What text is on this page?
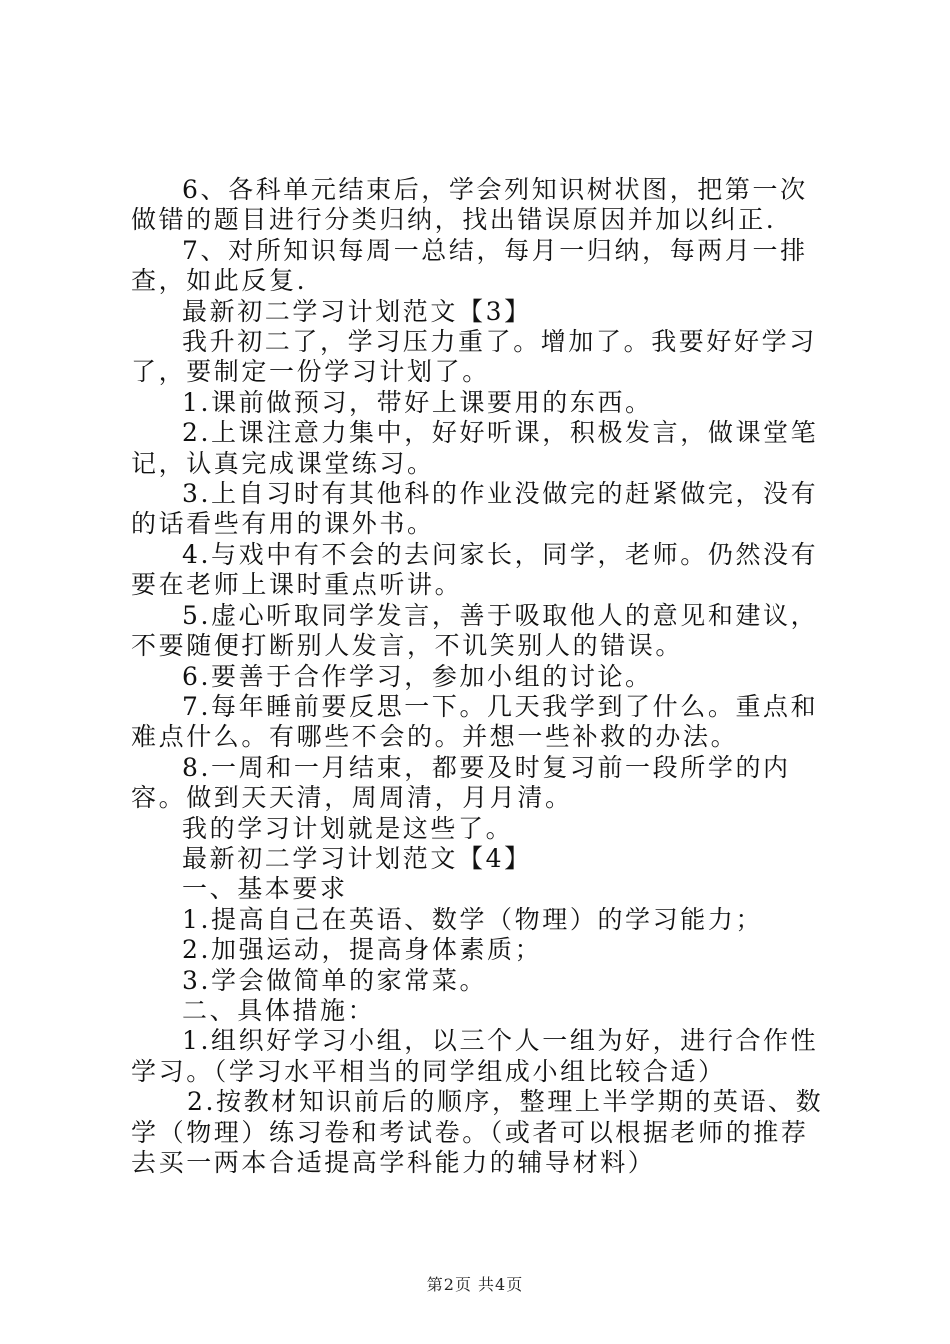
6、各科单元结束后，学会列知识树状图，把第一次做错的题目进行分类归纳，找出错误原因并加以纠正.

7、对所知识每周一总结，每月一归纳，每两月一排查，如此反复.

最新初二学习计划范文【3】

我升初二了，学习压力重了。增加了。我要好好学习了，要制定一份学习计划了。

1.课前做预习，带好上课要用的东西。

2.上课注意力集中，好好听课，积极发言，做课堂笔记，认真完成课堂练习。

3.上自习时有其他科的作业没做完的赶紧做完，没有的话看些有用的课外书。

4.与戏中有不会的去问家长，同学，老师。仍然没有要在老师上课时重点听讲。

5.虚心听取同学发言，善于吸取他人的意见和建议，不要随便打断别人发言，不讥笑别人的错误。

6.要善于合作学习，参加小组的讨论。

7.每年睡前要反思一下。几天我学到了什么。重点和难点什么。有哪些不会的。并想一些补救的办法。

8.一周和一月结束，都要及时复习前一段所学的内容。做到天天清，周周清，月月清。

我的学习计划就是这些了。

最新初二学习计划范文【4】

一、基本要求

1.提高自己在英语、数学（物理）的学习能力；

2.加强运动，提高身体素质；

3.学会做简单的家常菜。

二、具体措施：

1.组织好学习小组，以三个人一组为好，进行合作性学习。（学习水平相当的同学组成小组比较合适）

2.按教材知识前后的顺序，整理上半学期的英语、数学（物理）练习卷和考试卷。（或者可以根据老师的推荐去买一两本合适提高学科能力的辅导材料）

第2页 共4页
